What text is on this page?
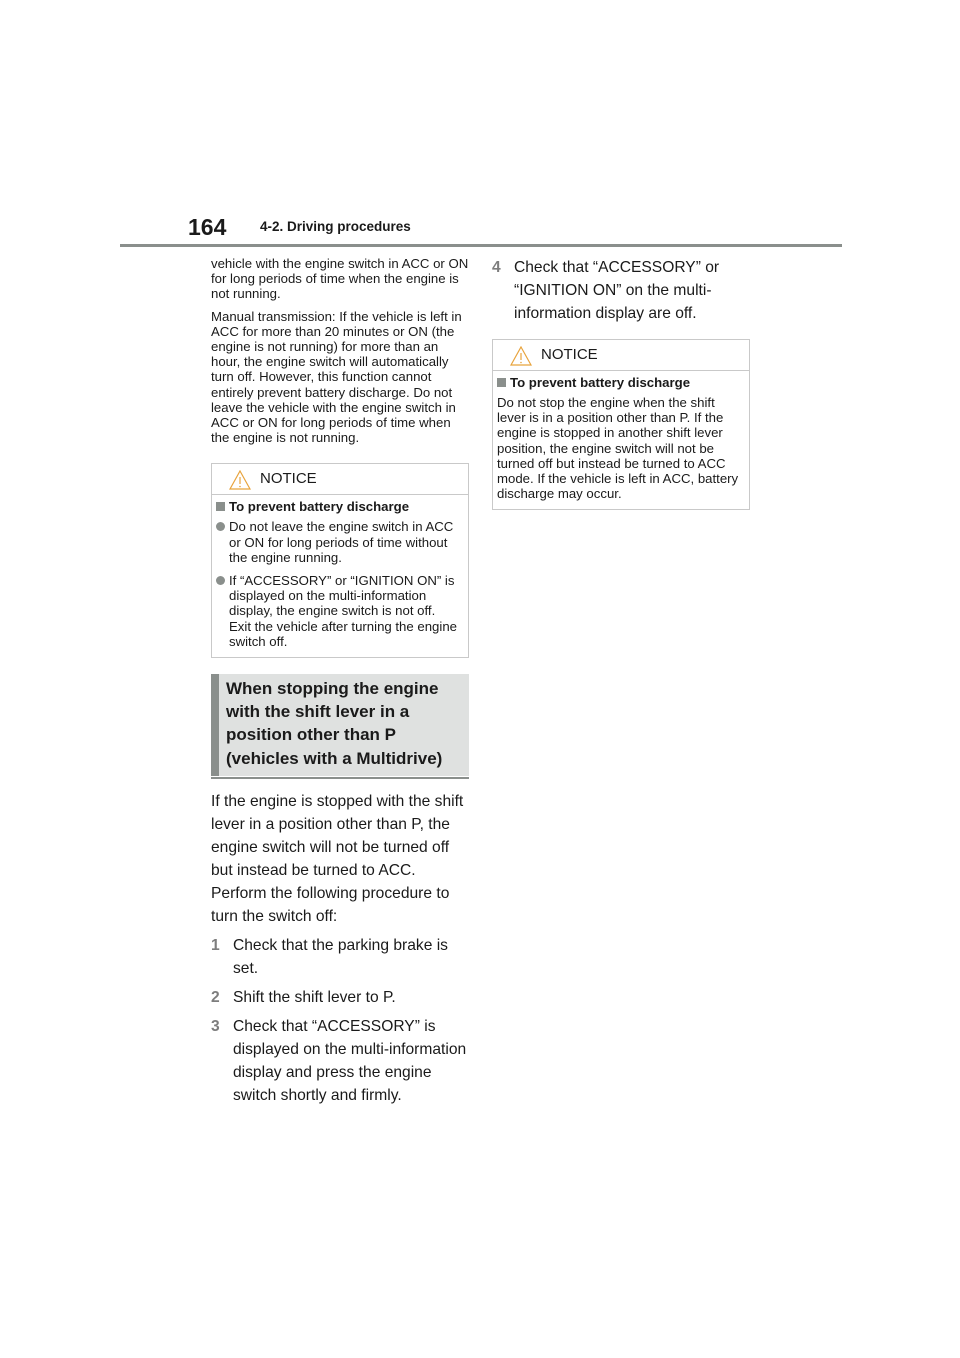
164 4-2. Driving procedures

vehicle with the engine switch in ACC or ON for long periods of time when the engine is not running.

Manual transmission: If the vehicle is left in ACC for more than 20 minutes or ON (the engine is not running) for more than an hour, the engine switch will automatically turn off. However, this function cannot entirely prevent battery discharge. Do not leave the vehicle with the engine switch in ACC or ON for long periods of time when the engine is not running.

NOTICE
To prevent battery discharge
Do not leave the engine switch in ACC or ON for long periods of time without the engine running.
If “ACCESSORY” or “IGNITION ON” is displayed on the multi-information display, the engine switch is not off. Exit the vehicle after turning the engine switch off.

When stopping the engine with the shift lever in a position other than P (vehicles with a Multidrive)

If the engine is stopped with the shift lever in a position other than P, the engine switch will not be turned off but instead be turned to ACC. Perform the following procedure to turn the switch off:

1 Check that the parking brake is set.
2 Shift the shift lever to P.
3 Check that “ACCESSORY” is displayed on the multi-information display and press the engine switch shortly and firmly.
4 Check that “ACCESSORY” or “IGNITION ON” on the multi-information display are off.
NOTICE
To prevent battery discharge

Do not stop the engine when the shift lever is in a position other than P. If the engine is stopped in another shift lever position, the engine switch will not be turned off but instead be turned to ACC mode. If the vehicle is left in ACC, battery discharge may occur.
